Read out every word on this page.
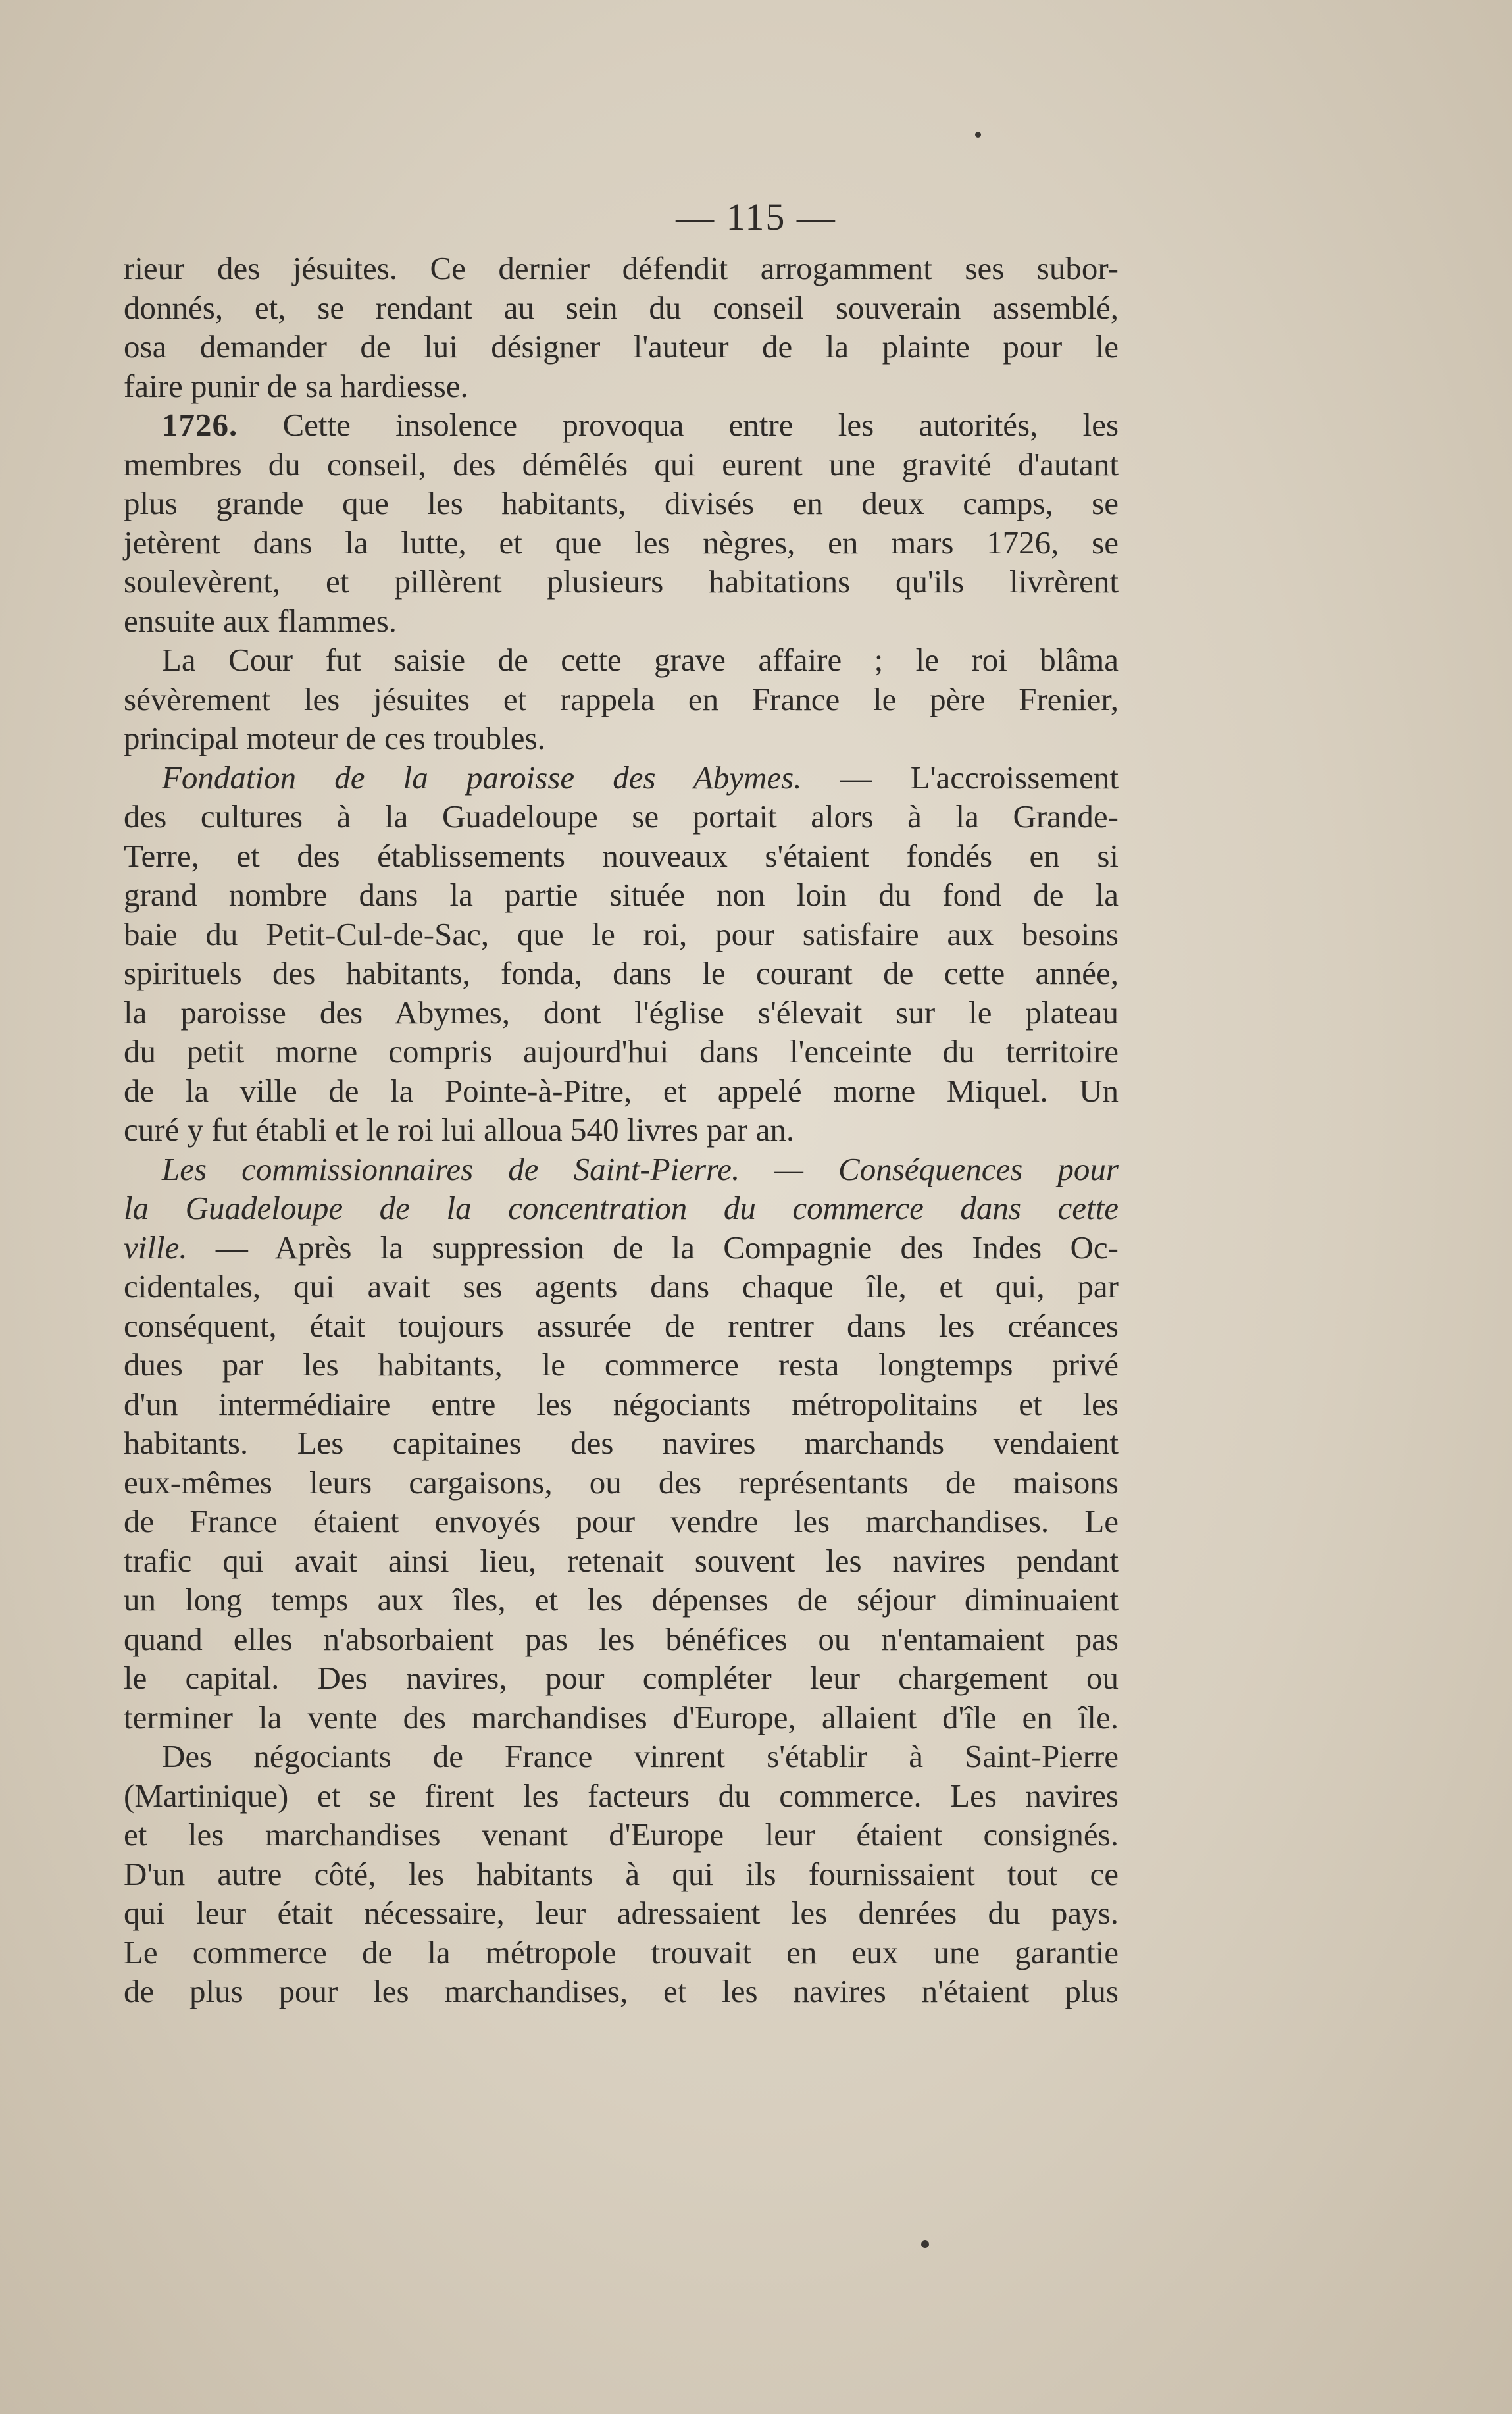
— 115 —
rieur des jésuites. Ce dernier défendit arrogamment ses subor-
donnés, et, se rendant au sein du conseil souverain assemblé,
osa demander de lui désigner l'auteur de la plainte pour le
faire punir de sa hardiesse.
1726. Cette insolence provoqua entre les autorités, les
membres du conseil, des démêlés qui eurent une gravité d'autant
plus grande que les habitants, divisés en deux camps, se
jetèrent dans la lutte, et que les nègres, en mars 1726, se
soulevèrent, et pillèrent plusieurs habitations qu'ils livrèrent
ensuite aux flammes.
La Cour fut saisie de cette grave affaire ; le roi blâma
sévèrement les jésuites et rappela en France le père Frenier,
principal moteur de ces troubles.
Fondation de la paroisse des Abymes. — L'accroissement
des cultures à la Guadeloupe se portait alors à la Grande-
Terre, et des établissements nouveaux s'étaient fondés en si
grand nombre dans la partie située non loin du fond de la
baie du Petit-Cul-de-Sac, que le roi, pour satisfaire aux besoins
spirituels des habitants, fonda, dans le courant de cette année,
la paroisse des Abymes, dont l'église s'élevait sur le plateau
du petit morne compris aujourd'hui dans l'enceinte du territoire
de la ville de la Pointe-à-Pitre, et appelé morne Miquel. Un
curé y fut établi et le roi lui alloua 540 livres par an.
Les commissionnaires de Saint-Pierre. — Conséquences pour
la Guadeloupe de la concentration du commerce dans cette
ville. — Après la suppression de la Compagnie des Indes Oc-
cidentales, qui avait ses agents dans chaque île, et qui, par
conséquent, était toujours assurée de rentrer dans les créances
dues par les habitants, le commerce resta longtemps privé
d'un intermédiaire entre les négociants métropolitains et les
habitants. Les capitaines des navires marchands vendaient
eux-mêmes leurs cargaisons, ou des représentants de maisons
de France étaient envoyés pour vendre les marchandises. Le
trafic qui avait ainsi lieu, retenait souvent les navires pendant
un long temps aux îles, et les dépenses de séjour diminuaient
quand elles n'absorbaient pas les bénéfices ou n'entamaient pas
le capital. Des navires, pour compléter leur chargement ou
terminer la vente des marchandises d'Europe, allaient d'île en île.
Des négociants de France vinrent s'établir à Saint-Pierre
(Martinique) et se firent les facteurs du commerce. Les navires
et les marchandises venant d'Europe leur étaient consignés.
D'un autre côté, les habitants à qui ils fournissaient tout ce
qui leur était nécessaire, leur adressaient les denrées du pays.
Le commerce de la métropole trouvait en eux une garantie
de plus pour les marchandises, et les navires n'étaient plus
